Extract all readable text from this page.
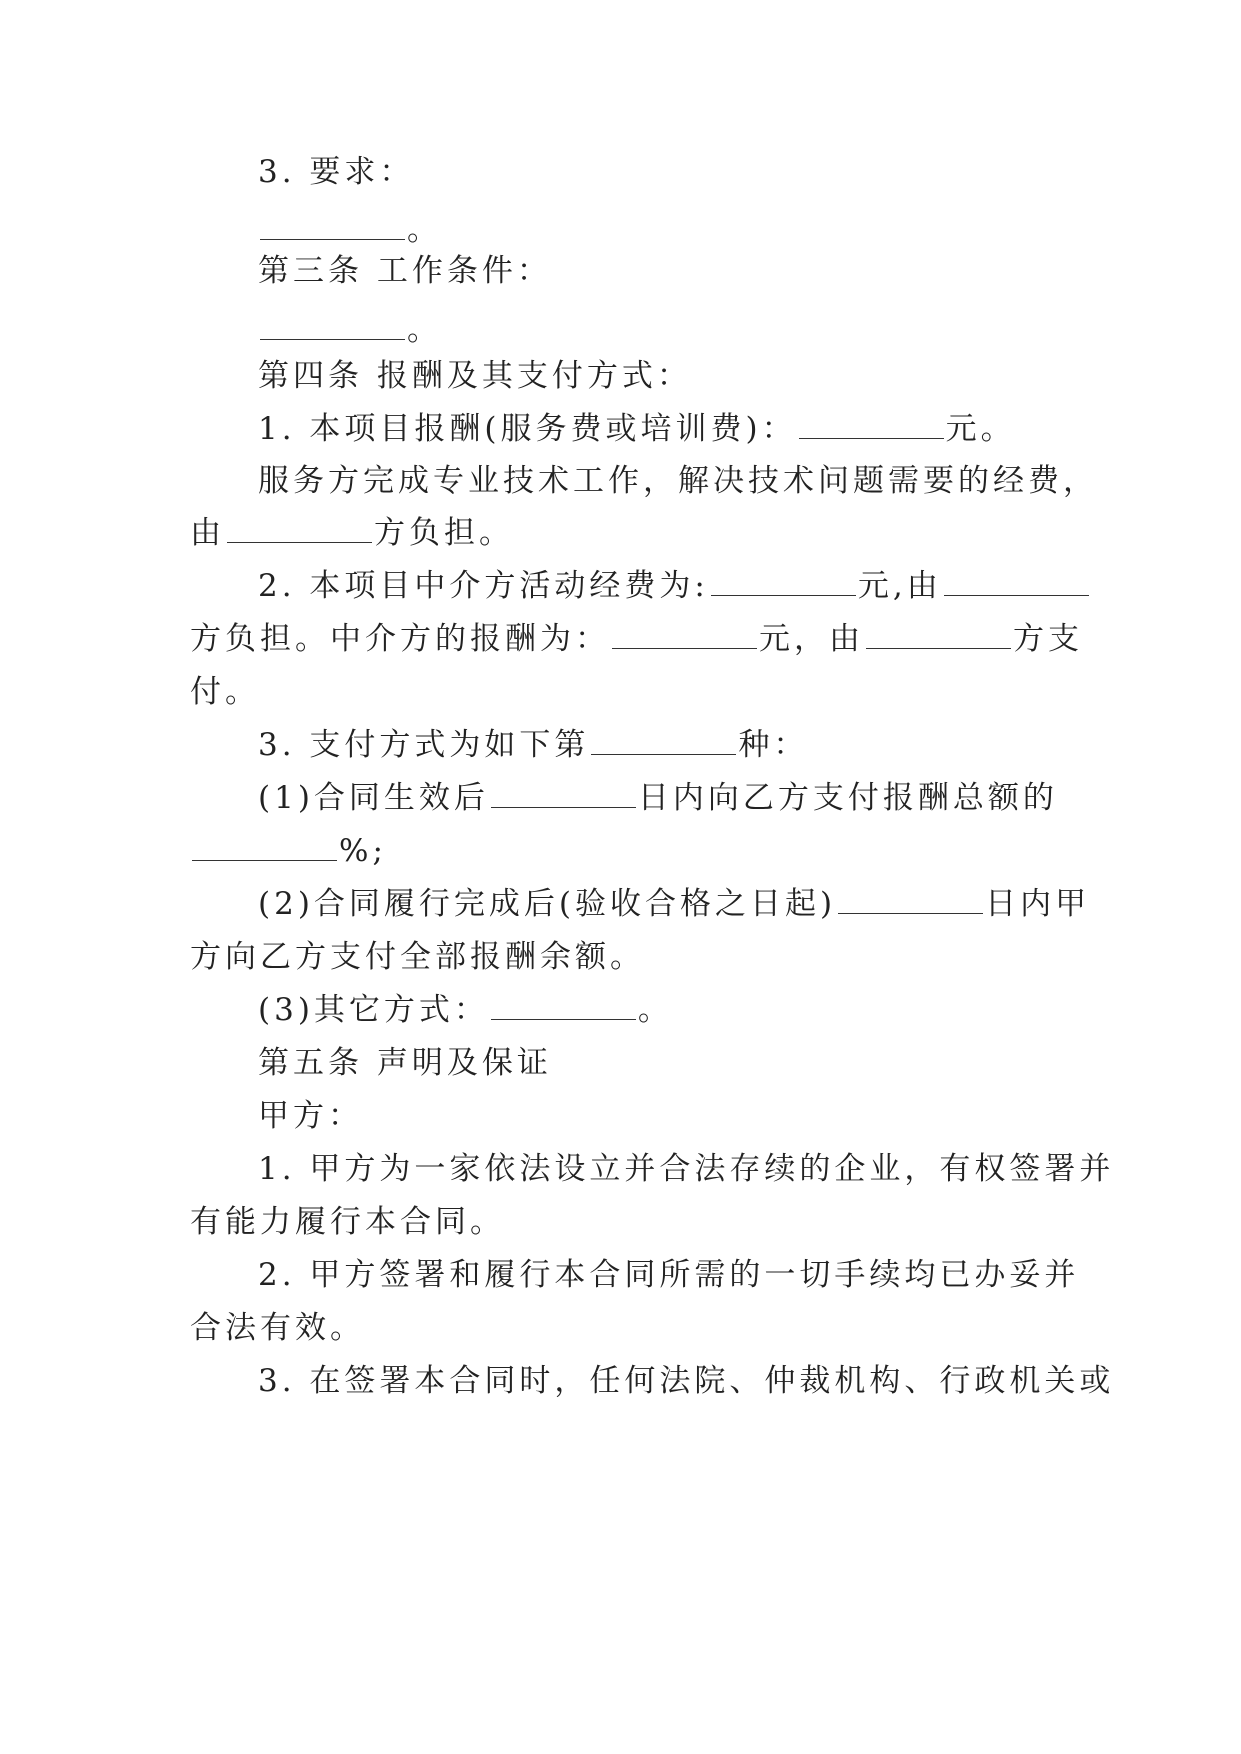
3. 要求：
。
第三条 工作条件：
。
第四条 报酬及其支付方式：
1. 本项目报酬(服务费或培训费)：	元。
服务方完成专业技术工作，解决技术问题需要的经费，
由	方负担。
2. 本项目中介方活动经费为:	元,由
方负担。中介方的报酬为：	元，由	方支
付。
3. 支付方式为如下第	种：
(1)合同生效后	日内向乙方支付报酬总额的
%;
(2)合同履行完成后(验收合格之日起)	日内甲
方向乙方支付全部报酬余额。
(3)其它方式：	。
第五条 声明及保证
甲方：
1. 甲方为一家依法设立并合法存续的企业，有权签署并
有能力履行本合同。
2. 甲方签署和履行本合同所需的一切手续均已办妥并
合法有效。
3. 在签署本合同时，任何法院、仲裁机构、行政机关或
